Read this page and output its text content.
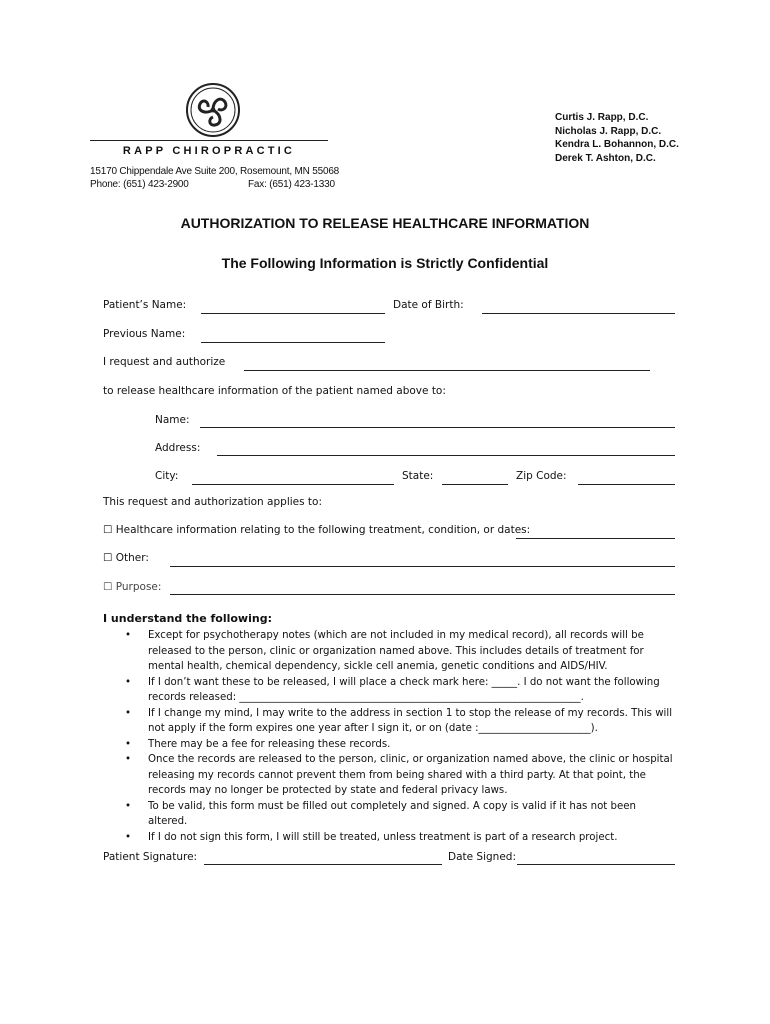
RAPP CHIROPRACTIC
15170 Chippendale Ave Suite 200, Rosemount, MN 55068
Phone: (651) 423-2900	Fax: (651) 423-1330
Curtis J. Rapp, D.C.
Nicholas J. Rapp, D.C.
Kendra L. Bohannon, D.C.
Derek T. Ashton, D.C.
AUTHORIZATION TO RELEASE HEALTHCARE INFORMATION
The Following Information is Strictly Confidential
Patient’s Name:	Date of Birth:
Previous Name:
I request and authorize
to release healthcare information of the patient named above to:
Name:
Address:
City:	State:	Zip Code:
This request and authorization applies to:
☐ Healthcare information relating to the following treatment, condition, or dates:
☐ Other:
☐ Purpose:
I understand the following:
• Except for psychotherapy notes (which are not included in my medical record), all records will be released to the person, clinic or organization named above. This includes details of treatment for mental health, chemical dependency, sickle cell anemia, genetic conditions and AIDS/HIV.
• If I don’t want these to be released, I will place a check mark here: _____. I do not want the following records released: ___________________________________________________________________.
• If I change my mind, I may write to the address in section 1 to stop the release of my records. This will not apply if the form expires one year after I sign it, or on (date :______________________).
• There may be a fee for releasing these records.
• Once the records are released to the person, clinic, or organization named above, the clinic or hospital releasing my records cannot prevent them from being shared with a third party. At that point, the records may no longer be protected by state and federal privacy laws.
• To be valid, this form must be filled out completely and signed. A copy is valid if it has not been altered.
• If I do not sign this form, I will still be treated, unless treatment is part of a research project.
Patient Signature:	Date Signed:
